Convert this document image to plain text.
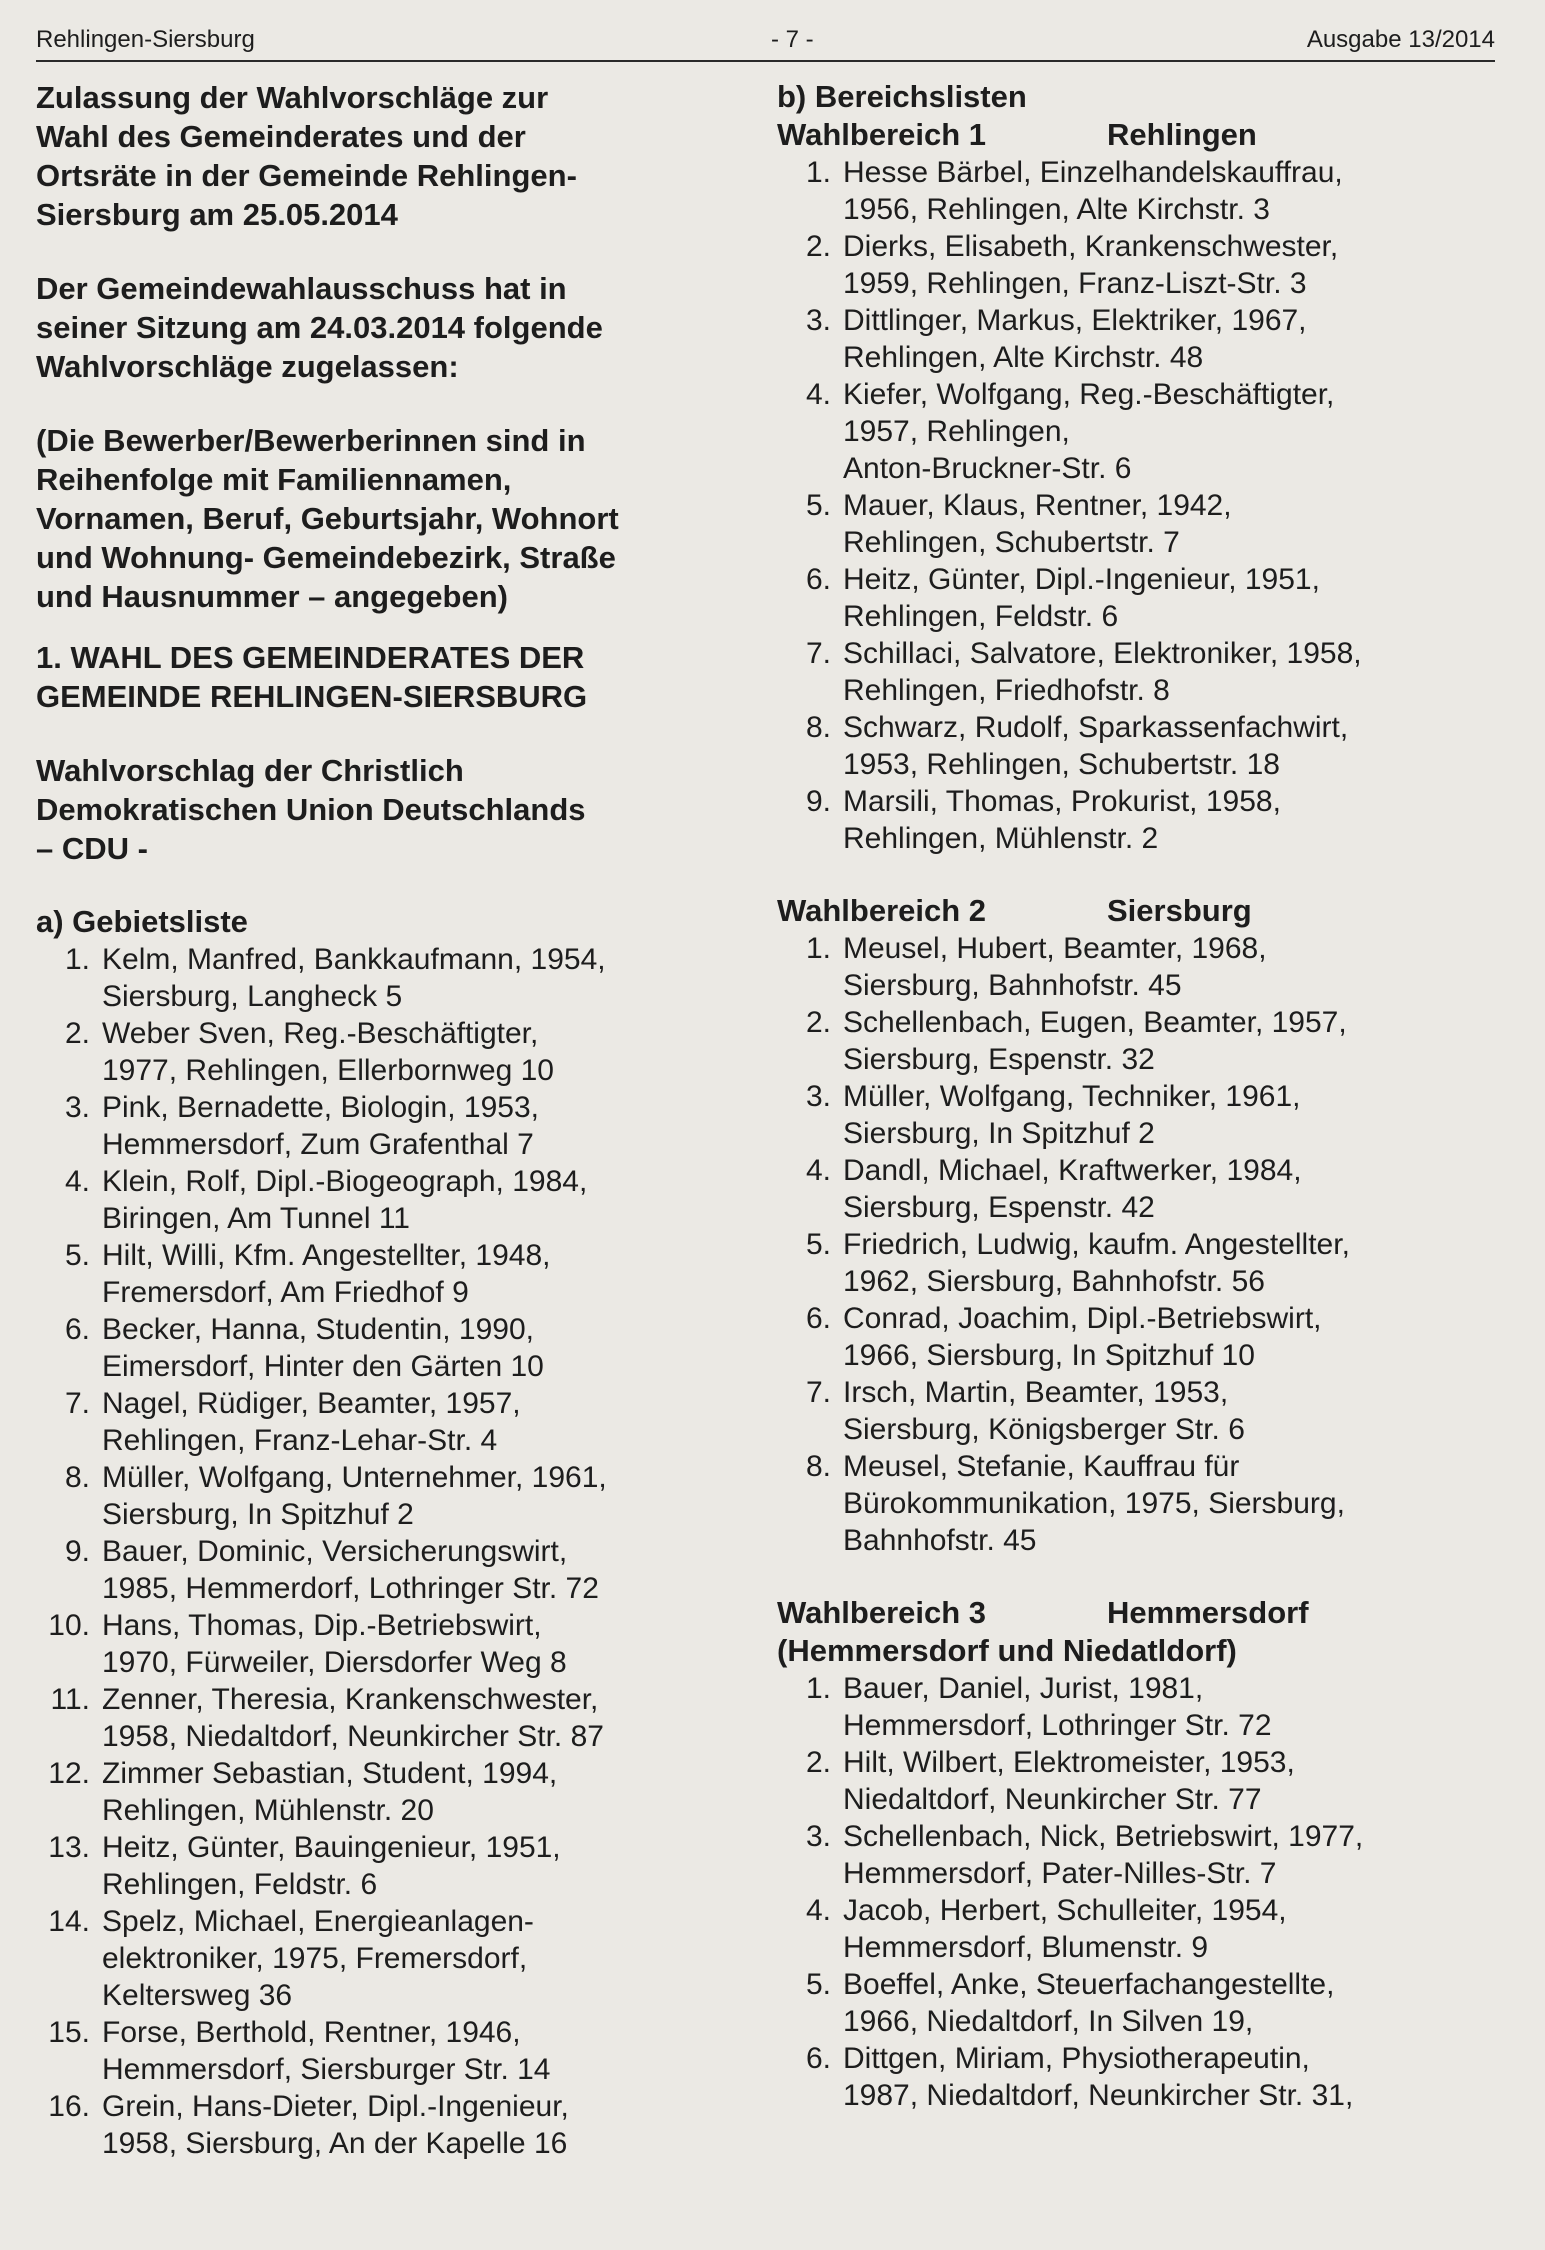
Rehlingen-Siersburg	- 7 -	Ausgabe 13/2014

Zulassung der Wahlvorschläge zur
Wahl des Gemeinderates und der
Ortsräte in der Gemeinde Rehlingen-
Siersburg am 25.05.2014

Der Gemeindewahlausschuss hat in
seiner Sitzung am 24.03.2014 folgende
Wahlvorschläge zugelassen:

(Die Bewerber/Bewerberinnen sind in
Reihenfolge mit Familiennamen,
Vornamen, Beruf, Geburtsjahr, Wohnort
und Wohnung- Gemeindebezirk, Straße
und Hausnummer – angegeben)

1. WAHL DES GEMEINDERATES DER
GEMEINDE REHLINGEN-SIERSBURG

Wahlvorschlag der Christlich
Demokratischen Union Deutschlands
– CDU -

a) Gebietsliste
1. Kelm, Manfred, Bankkaufmann, 1954,
Siersburg, Langheck 5
2. Weber Sven, Reg.-Beschäftigter,
1977, Rehlingen, Ellerbornweg 10
3. Pink, Bernadette, Biologin, 1953,
Hemmersdorf, Zum Grafenthal 7
4. Klein, Rolf, Dipl.-Biogeograph, 1984,
Biringen, Am Tunnel 11
5. Hilt, Willi, Kfm. Angestellter, 1948,
Fremersdorf, Am Friedhof 9
6. Becker, Hanna, Studentin, 1990,
Eimersdorf, Hinter den Gärten 10
7. Nagel, Rüdiger, Beamter, 1957,
Rehlingen, Franz-Lehar-Str. 4
8. Müller, Wolfgang, Unternehmer, 1961,
Siersburg, In Spitzhuf 2
9. Bauer, Dominic, Versicherungswirt,
1985, Hemmerdorf, Lothringer Str. 72
10. Hans, Thomas, Dip.-Betriebswirt,
1970, Fürweiler, Diersdorfer Weg 8
11. Zenner, Theresia, Krankenschwester,
1958, Niedaltdorf, Neunkircher Str. 87
12. Zimmer Sebastian, Student, 1994,
Rehlingen, Mühlenstr. 20
13. Heitz, Günter, Bauingenieur, 1951,
Rehlingen, Feldstr. 6
14. Spelz, Michael, Energieanlagen-
elektroniker, 1975, Fremersdorf,
Keltersweg 36
15. Forse, Berthold, Rentner, 1946,
Hemmersdorf, Siersburger Str. 14
16. Grein, Hans-Dieter, Dipl.-Ingenieur,
1958, Siersburg, An der Kapelle 16
b) Bereichslisten
Wahlbereich 1	Rehlingen
1. Hesse Bärbel, Einzelhandelskauffrau,
1956, Rehlingen, Alte Kirchstr. 3
2. Dierks, Elisabeth, Krankenschwester,
1959, Rehlingen, Franz-Liszt-Str. 3
3. Dittlinger, Markus, Elektriker, 1967,
Rehlingen, Alte Kirchstr. 48
4. Kiefer, Wolfgang, Reg.-Beschäftigter,
1957, Rehlingen,
Anton-Bruckner-Str. 6
5. Mauer, Klaus, Rentner, 1942,
Rehlingen, Schubertstr. 7
6. Heitz, Günter, Dipl.-Ingenieur, 1951,
Rehlingen, Feldstr. 6
7. Schillaci, Salvatore, Elektroniker, 1958,
Rehlingen, Friedhofstr. 8
8. Schwarz, Rudolf, Sparkassenfachwirt,
1953, Rehlingen, Schubertstr. 18
9. Marsili, Thomas, Prokurist, 1958,
Rehlingen, Mühlenstr. 2
Wahlbereich 2	Siersburg
1. Meusel, Hubert, Beamter, 1968,
Siersburg, Bahnhofstr. 45
2. Schellenbach, Eugen, Beamter, 1957,
Siersburg, Espenstr. 32
3. Müller, Wolfgang, Techniker, 1961,
Siersburg, In Spitzhuf 2
4. Dandl, Michael, Kraftwerker, 1984,
Siersburg, Espenstr. 42
5. Friedrich, Ludwig, kaufm. Angestellter,
1962, Siersburg, Bahnhofstr. 56
6. Conrad, Joachim, Dipl.-Betriebswirt,
1966, Siersburg, In Spitzhuf 10
7. Irsch, Martin, Beamter, 1953,
Siersburg, Königsberger Str. 6
8. Meusel, Stefanie, Kauffrau für
Bürokommunikation, 1975, Siersburg,
Bahnhofstr. 45
Wahlbereich 3	Hemmersdorf
(Hemmersdorf und Niedatldorf)
1. Bauer, Daniel, Jurist, 1981,
Hemmersdorf, Lothringer Str. 72
2. Hilt, Wilbert, Elektromeister, 1953,
Niedaltdorf, Neunkircher Str. 77
3. Schellenbach, Nick, Betriebswirt, 1977,
Hemmersdorf, Pater-Nilles-Str. 7
4. Jacob, Herbert, Schulleiter, 1954,
Hemmersdorf, Blumenstr. 9
5. Boeffel, Anke, Steuerfachangestellte,
1966, Niedaltdorf, In Silven 19,
6. Dittgen, Miriam, Physiotherapeutin,
1987, Niedaltdorf, Neunkircher Str. 31,
